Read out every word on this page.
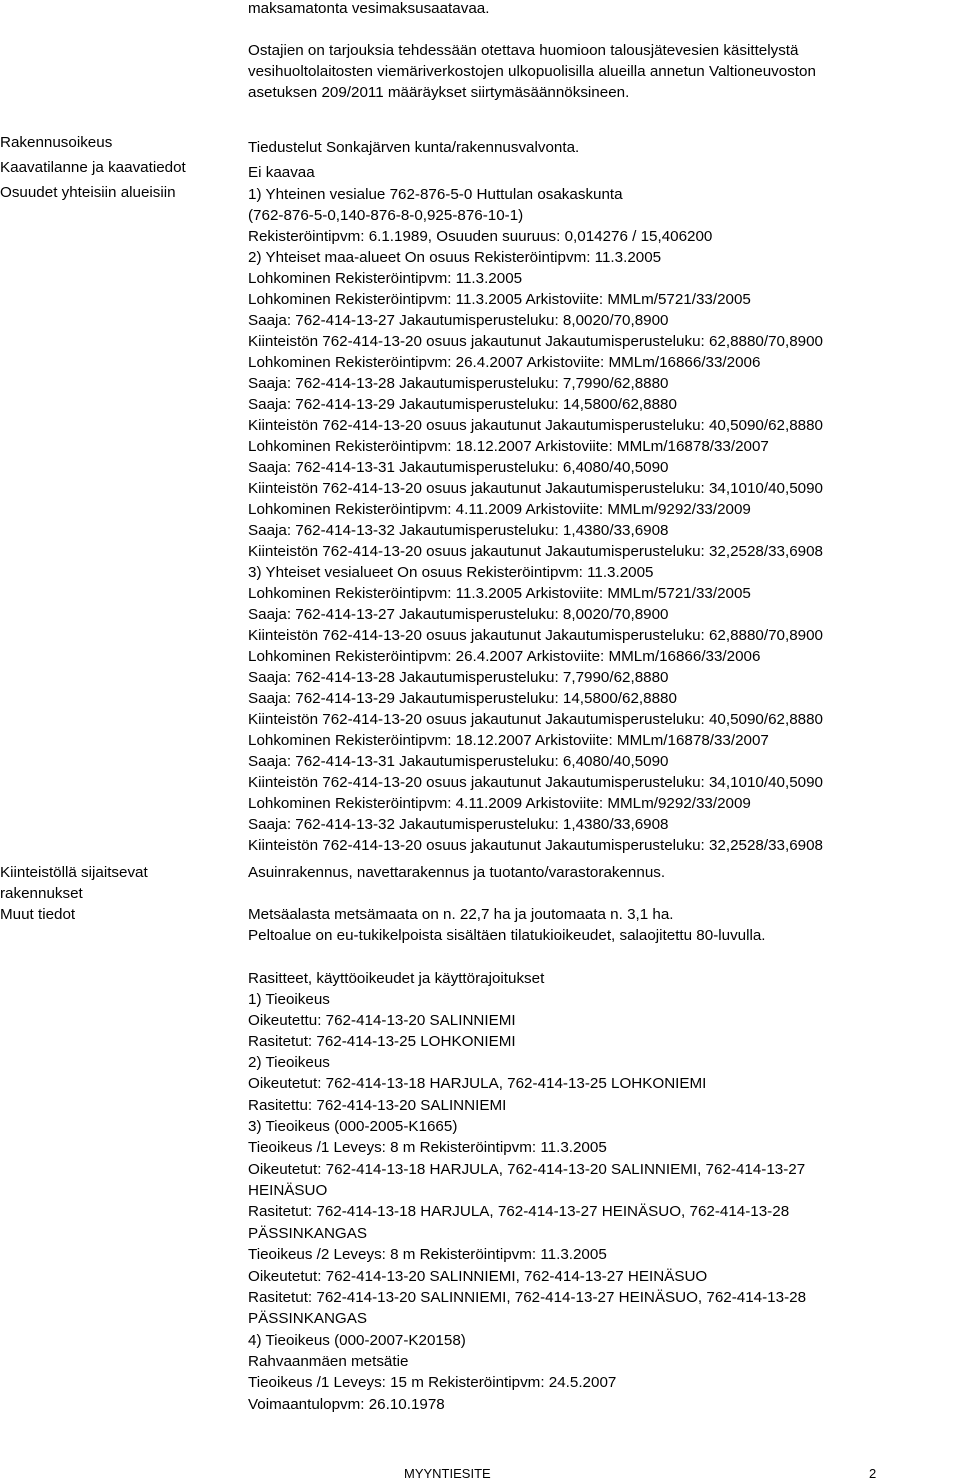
maksamatonta vesimaksusaatavaa.
Ostajien on tarjouksia tehdessään otettava huomioon talousjätevesien käsittelystä
vesihuoltolaitosten viemäriverkostojen ulkopuolisilla alueilla annetun Valtioneuvoston
asetuksen 209/2011 määräykset siirtymäsäännöksineen.
Rakennusoikeus
Kaavatilanne ja kaavatiedot
Osuudet yhteisiin alueisiin
Kiinteistöllä sijaitsevat
rakennukset
Muut tiedot
Tiedustelut Sonkajärven kunta/rakennusvalvonta.
Ei kaavaa
1) Yhteinen vesialue 762-876-5-0 Huttulan osakaskunta
(762-876-5-0,140-876-8-0,925-876-10-1)
Rekisteröintipvm: 6.1.1989, Osuuden suuruus: 0,014276 / 15,406200
2) Yhteiset maa-alueet On osuus Rekisteröintipvm: 11.3.2005
Lohkominen Rekisteröintipvm: 11.3.2005
Lohkominen Rekisteröintipvm: 11.3.2005 Arkistoviite: MMLm/5721/33/2005
Saaja: 762-414-13-27 Jakautumisperusteluku: 8,0020/70,8900
Kiinteistön 762-414-13-20 osuus jakautunut Jakautumisperusteluku: 62,8880/70,8900
Lohkominen Rekisteröintipvm: 26.4.2007 Arkistoviite: MMLm/16866/33/2006
Saaja: 762-414-13-28 Jakautumisperusteluku: 7,7990/62,8880
Saaja: 762-414-13-29 Jakautumisperusteluku: 14,5800/62,8880
Kiinteistön 762-414-13-20 osuus jakautunut Jakautumisperusteluku: 40,5090/62,8880
Lohkominen Rekisteröintipvm: 18.12.2007 Arkistoviite: MMLm/16878/33/2007
Saaja: 762-414-13-31 Jakautumisperusteluku: 6,4080/40,5090
Kiinteistön 762-414-13-20 osuus jakautunut Jakautumisperusteluku: 34,1010/40,5090
Lohkominen Rekisteröintipvm: 4.11.2009 Arkistoviite: MMLm/9292/33/2009
Saaja: 762-414-13-32 Jakautumisperusteluku: 1,4380/33,6908
Kiinteistön 762-414-13-20 osuus jakautunut Jakautumisperusteluku: 32,2528/33,6908
3) Yhteiset vesialueet On osuus Rekisteröintipvm: 11.3.2005
Lohkominen Rekisteröintipvm: 11.3.2005 Arkistoviite: MMLm/5721/33/2005
Saaja: 762-414-13-27 Jakautumisperusteluku: 8,0020/70,8900
Kiinteistön 762-414-13-20 osuus jakautunut Jakautumisperusteluku: 62,8880/70,8900
Lohkominen Rekisteröintipvm: 26.4.2007 Arkistoviite: MMLm/16866/33/2006
Saaja: 762-414-13-28 Jakautumisperusteluku: 7,7990/62,8880
Saaja: 762-414-13-29 Jakautumisperusteluku: 14,5800/62,8880
Kiinteistön 762-414-13-20 osuus jakautunut Jakautumisperusteluku: 40,5090/62,8880
Lohkominen Rekisteröintipvm: 18.12.2007 Arkistoviite: MMLm/16878/33/2007
Saaja: 762-414-13-31 Jakautumisperusteluku: 6,4080/40,5090
Kiinteistön 762-414-13-20 osuus jakautunut Jakautumisperusteluku: 34,1010/40,5090
Lohkominen Rekisteröintipvm: 4.11.2009 Arkistoviite: MMLm/9292/33/2009
Saaja: 762-414-13-32 Jakautumisperusteluku: 1,4380/33,6908
Kiinteistön 762-414-13-20 osuus jakautunut Jakautumisperusteluku: 32,2528/33,6908
Asuinrakennus, navettarakennus ja tuotanto/varastorakennus.
Metsäalasta metsämaata on n. 22,7 ha ja joutomaata n. 3,1 ha.
Peltoalue on eu-tukikelpoista sisältäen tilatukioikeudet, salaojitettu 80-luvulla.
Rasitteet, käyttöoikeudet ja käyttörajoitukset
1) Tieoikeus
Oikeutettu: 762-414-13-20 SALINNIEMI
Rasitetut: 762-414-13-25 LOHKONIEMI
2) Tieoikeus
Oikeutetut: 762-414-13-18 HARJULA, 762-414-13-25 LOHKONIEMI
Rasitettu: 762-414-13-20 SALINNIEMI
3) Tieoikeus (000-2005-K1665)
Tieoikeus /1 Leveys: 8 m Rekisteröintipvm: 11.3.2005
Oikeutetut: 762-414-13-18 HARJULA, 762-414-13-20 SALINNIEMI, 762-414-13-27
HEINÄSUO
Rasitetut: 762-414-13-18 HARJULA, 762-414-13-27 HEINÄSUO, 762-414-13-28
PÄSSINKANGAS
Tieoikeus /2 Leveys: 8 m Rekisteröintipvm: 11.3.2005
Oikeutetut: 762-414-13-20 SALINNIEMI, 762-414-13-27 HEINÄSUO
Rasitetut: 762-414-13-20 SALINNIEMI, 762-414-13-27 HEINÄSUO, 762-414-13-28
PÄSSINKANGAS
4) Tieoikeus (000-2007-K20158)
Rahvaanmäen metsätie
Tieoikeus /1 Leveys: 15 m Rekisteröintipvm: 24.5.2007
Voimaantulopvm: 26.10.1978
MYYNTIESITE	2
